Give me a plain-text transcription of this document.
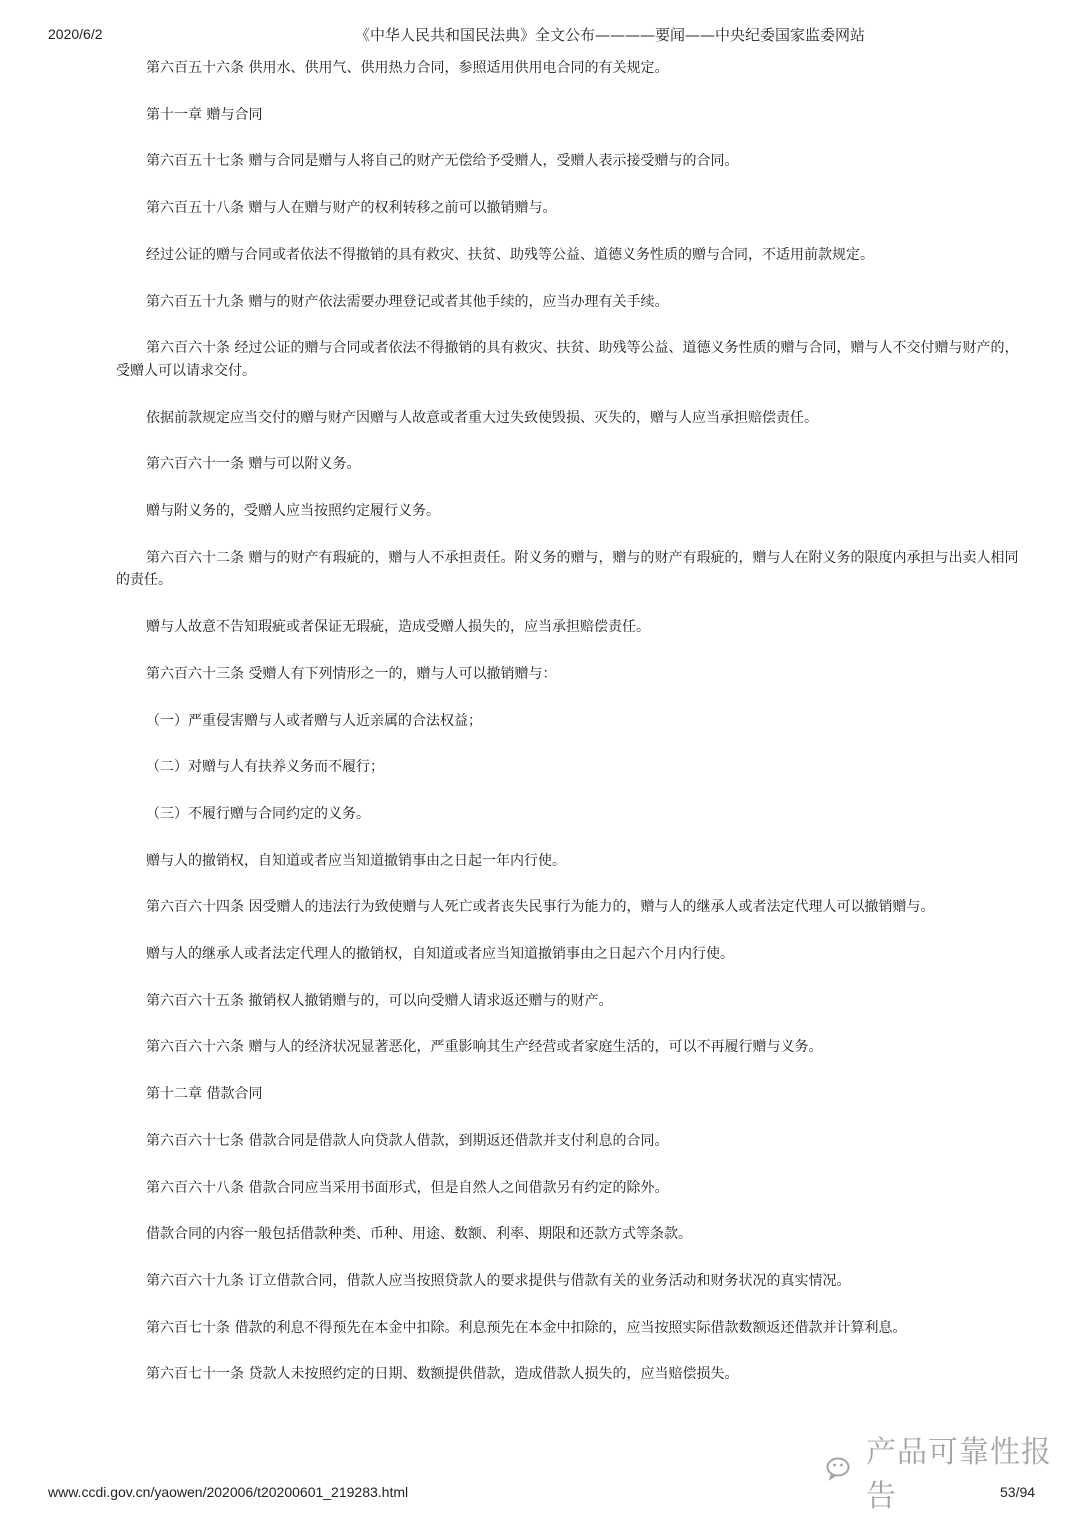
2020/6/2	《中华人民共和国民法典》全文公布————要闻——中央纪委国家监委网站

第六百五十六条 供用水、供用气、供用热力合同，参照适用供用电合同的有关规定。

第十一章 赠与合同

第六百五十七条 赠与合同是赠与人将自己的财产无偿给予受赠人，受赠人表示接受赠与的合同。

第六百五十八条 赠与人在赠与财产的权利转移之前可以撤销赠与。

经过公证的赠与合同或者依法不得撤销的具有救灾、扶贫、助残等公益、道德义务性质的赠与合同，不适用前款规定。

第六百五十九条 赠与的财产依法需要办理登记或者其他手续的，应当办理有关手续。

第六百六十条 经过公证的赠与合同或者依法不得撤销的具有救灾、扶贫、助残等公益、道德义务性质的赠与合同，赠与人不交付赠与财产的，受赠人可以请求交付。

依据前款规定应当交付的赠与财产因赠与人故意或者重大过失致使毁损、灭失的，赠与人应当承担赔偿责任。

第六百六十一条 赠与可以附义务。

赠与附义务的，受赠人应当按照约定履行义务。

第六百六十二条 赠与的财产有瑕疵的，赠与人不承担责任。附义务的赠与，赠与的财产有瑕疵的，赠与人在附义务的限度内承担与出卖人相同的责任。

赠与人故意不告知瑕疵或者保证无瑕疵，造成受赠人损失的，应当承担赔偿责任。

第六百六十三条 受赠人有下列情形之一的，赠与人可以撤销赠与：

（一）严重侵害赠与人或者赠与人近亲属的合法权益；

（二）对赠与人有扶养义务而不履行；

（三）不履行赠与合同约定的义务。

赠与人的撤销权，自知道或者应当知道撤销事由之日起一年内行使。

第六百六十四条 因受赠人的违法行为致使赠与人死亡或者丧失民事行为能力的，赠与人的继承人或者法定代理人可以撤销赠与。

赠与人的继承人或者法定代理人的撤销权，自知道或者应当知道撤销事由之日起六个月内行使。

第六百六十五条 撤销权人撤销赠与的，可以向受赠人请求返还赠与的财产。

第六百六十六条 赠与人的经济状况显著恶化，严重影响其生产经营或者家庭生活的，可以不再履行赠与义务。

第十二章 借款合同

第六百六十七条 借款合同是借款人向贷款人借款，到期返还借款并支付利息的合同。

第六百六十八条 借款合同应当采用书面形式，但是自然人之间借款另有约定的除外。

借款合同的内容一般包括借款种类、币种、用途、数额、利率、期限和还款方式等条款。

第六百六十九条 订立借款合同，借款人应当按照贷款人的要求提供与借款有关的业务活动和财务状况的真实情况。

第六百七十条 借款的利息不得预先在本金中扣除。利息预先在本金中扣除的，应当按照实际借款数额返还借款并计算利息。

第六百七十一条 贷款人未按照约定的日期、数额提供借款，造成借款人损失的，应当赔偿损失。

产品可靠性报告
www.ccdi.gov.cn/yaowen/202006/t20200601_219283.html	53/94
